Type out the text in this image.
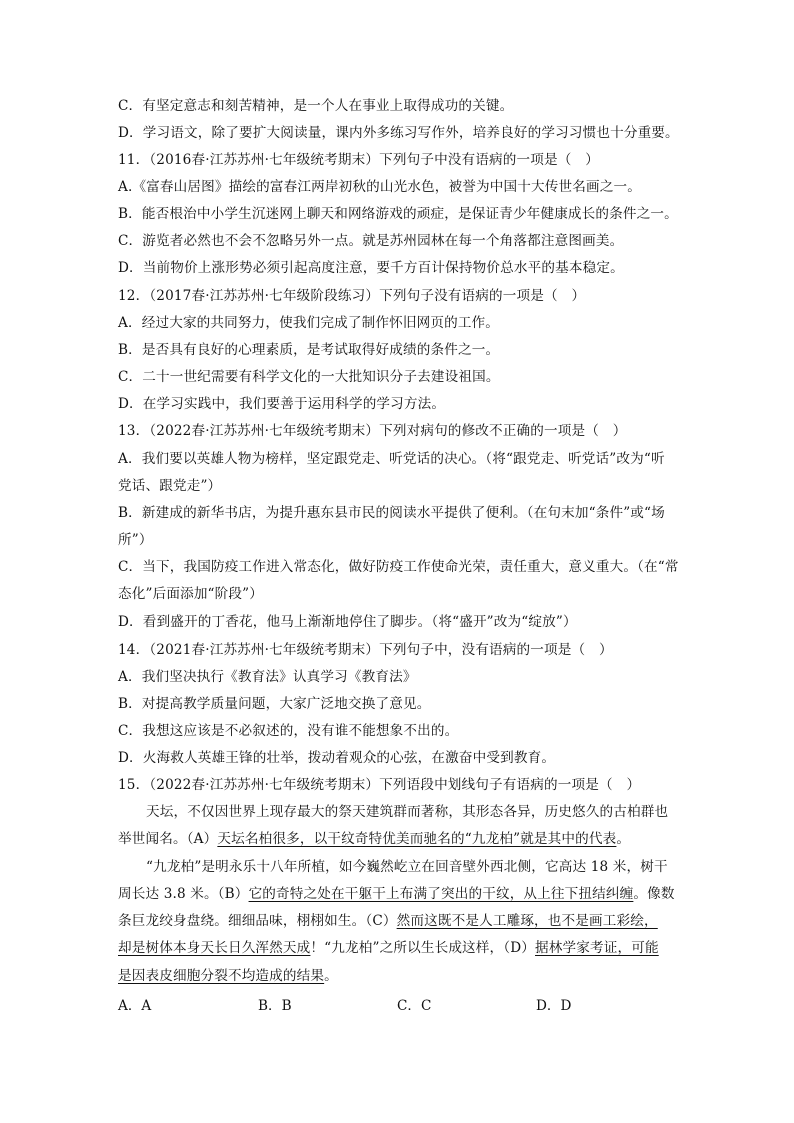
C．有坚定意志和刻苦精神，是一个人在事业上取得成功的关键。
D．学习语文，除了要扩大阅读量，课内外多练习写作外，培养良好的学习习惯也十分重要。
11．（2016春·江苏苏州·七年级统考期末）下列句子中没有语病的一项是（　）
A.《富春山居图》描绘的富春江两岸初秋的山光水色，被誉为中国十大传世名画之一。
B．能否根治中小学生沉迷网上聊天和网络游戏的顽症，是保证青少年健康成长的条件之一。
C．游览者必然也不会不忽略另外一点。就是苏州园林在每一个角落都注意图画美。
D．当前物价上涨形势必须引起高度注意，要千方百计保持物价总水平的基本稳定。
12．（2017春·江苏苏州·七年级阶段练习）下列句子没有语病的一项是（　）
A．经过大家的共同努力，使我们完成了制作怀旧网页的工作。
B．是否具有良好的心理素质，是考试取得好成绩的条件之一。
C．二十一世纪需要有科学文化的一大批知识分子去建设祖国。
D．在学习实践中，我们要善于运用科学的学习方法。
13．（2022春·江苏苏州·七年级统考期末）下列对病句的修改不正确的一项是（　）
A．我们要以英雄人物为榜样，坚定跟党走、听党话的决心。（将“跟党走、听党话”改为“听
党话、跟党走”）
B．新建成的新华书店，为提升惠东县市民的阅读水平提供了便利。（在句末加“条件”或“场
所”）
C．当下，我国防疫工作进入常态化，做好防疫工作使命光荣，责任重大，意义重大。（在“常
态化”后面添加“阶段”）
D．看到盛开的丁香花，他马上渐渐地停住了脚步。（将“盛开”改为“绽放”）
14．（2021春·江苏苏州·七年级统考期末）下列句子中，没有语病的一项是（　）
A．我们坚决执行《教育法》认真学习《教育法》
B．对提高教学质量问题，大家广泛地交换了意见。
C．我想这应该是不必叙述的，没有谁不能想象不出的。
D．火海救人英雄王锋的壮举，拨动着观众的心弦，在激奋中受到教育。
15．（2022春·江苏苏州·七年级统考期末）下列语段中划线句子有语病的一项是（　）
天坛，不仅因世界上现存最大的祭天建筑群而著称，其形态各异，历史悠久的古柏群也
举世闻名。（A）天坛名柏很多，以干纹奇特优美而驰名的“九龙柏”就是其中的代表。
“九龙柏”是明永乐十八年所植，如今巍然屹立在回音壁外西北侧，它高达 18 米，树干
周长达 3.8 米。（B）它的奇特之处在干躯干上布满了突出的干纹，从上往下扭结纠缠。像数
条巨龙绞身盘绕。细细品味，栩栩如生。（C）然而这既不是人工雕琢，也不是画工彩绘，
却是树体本身天长日久浑然天成！“九龙柏”之所以生长成这样，（D）据林学家考证，可能
是因表皮细胞分裂不均造成的结果。
A．A	B．B	C．C	D．D
